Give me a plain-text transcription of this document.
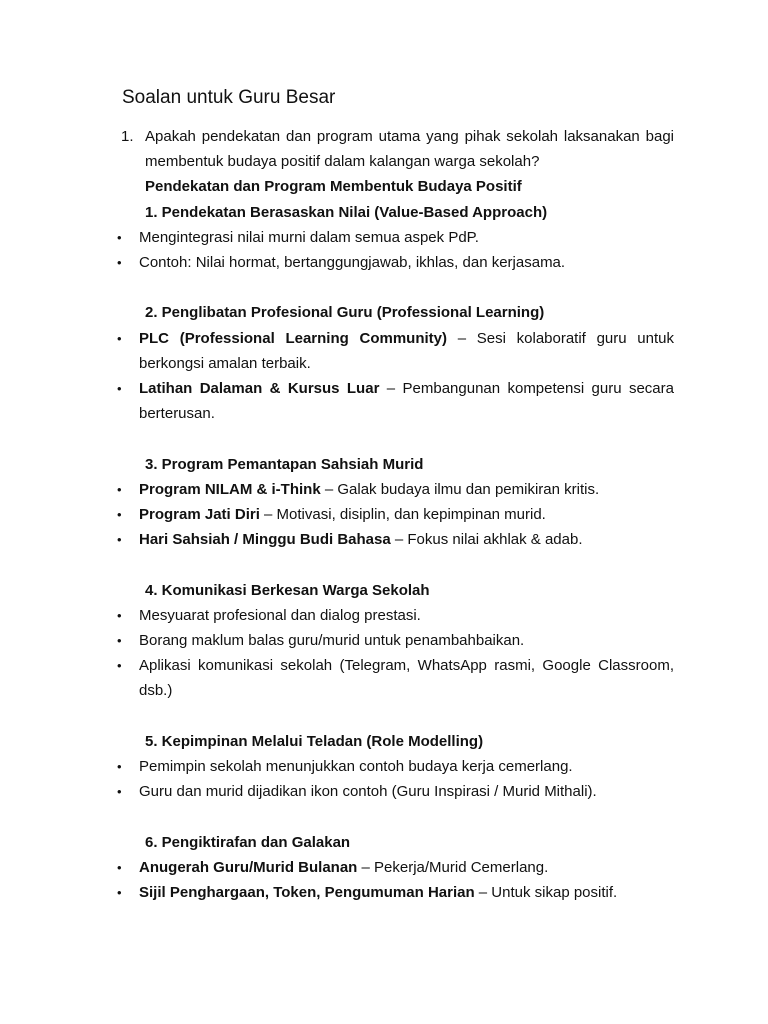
Soalan untuk Guru Besar

1. Apakah pendekatan dan program utama yang pihak sekolah laksanakan bagi membentuk budaya positif dalam kalangan warga sekolah?

Pendekatan dan Program Membentuk Budaya Positif

1. Pendekatan Berasaskan Nilai (Value-Based Approach)

• Mengintegrasi nilai murni dalam semua aspek PdP.
• Contoh: Nilai hormat, bertanggungjawab, ikhlas, dan kerjasama.

2. Penglibatan Profesional Guru (Professional Learning)

• PLC (Professional Learning Community) – Sesi kolaboratif guru untuk berkongsi amalan terbaik.
• Latihan Dalaman & Kursus Luar – Pembangunan kompetensi guru secara berterusan.

3. Program Pemantapan Sahsiah Murid

• Program NILAM & i-Think – Galak budaya ilmu dan pemikiran kritis.
• Program Jati Diri – Motivasi, disiplin, dan kepimpinan murid.
• Hari Sahsiah / Minggu Budi Bahasa – Fokus nilai akhlak & adab.

4. Komunikasi Berkesan Warga Sekolah

• Mesyuarat profesional dan dialog prestasi.
• Borang maklum balas guru/murid untuk penambahbaikan.
• Aplikasi komunikasi sekolah (Telegram, WhatsApp rasmi, Google Classroom, dsb.)

5. Kepimpinan Melalui Teladan (Role Modelling)

• Pemimpin sekolah menunjukkan contoh budaya kerja cemerlang.
• Guru dan murid dijadikan ikon contoh (Guru Inspirasi / Murid Mithali).

6. Pengiktirafan dan Galakan

• Anugerah Guru/Murid Bulanan – Pekerja/Murid Cemerlang.
• Sijil Penghargaan, Token, Pengumuman Harian – Untuk sikap positif.
